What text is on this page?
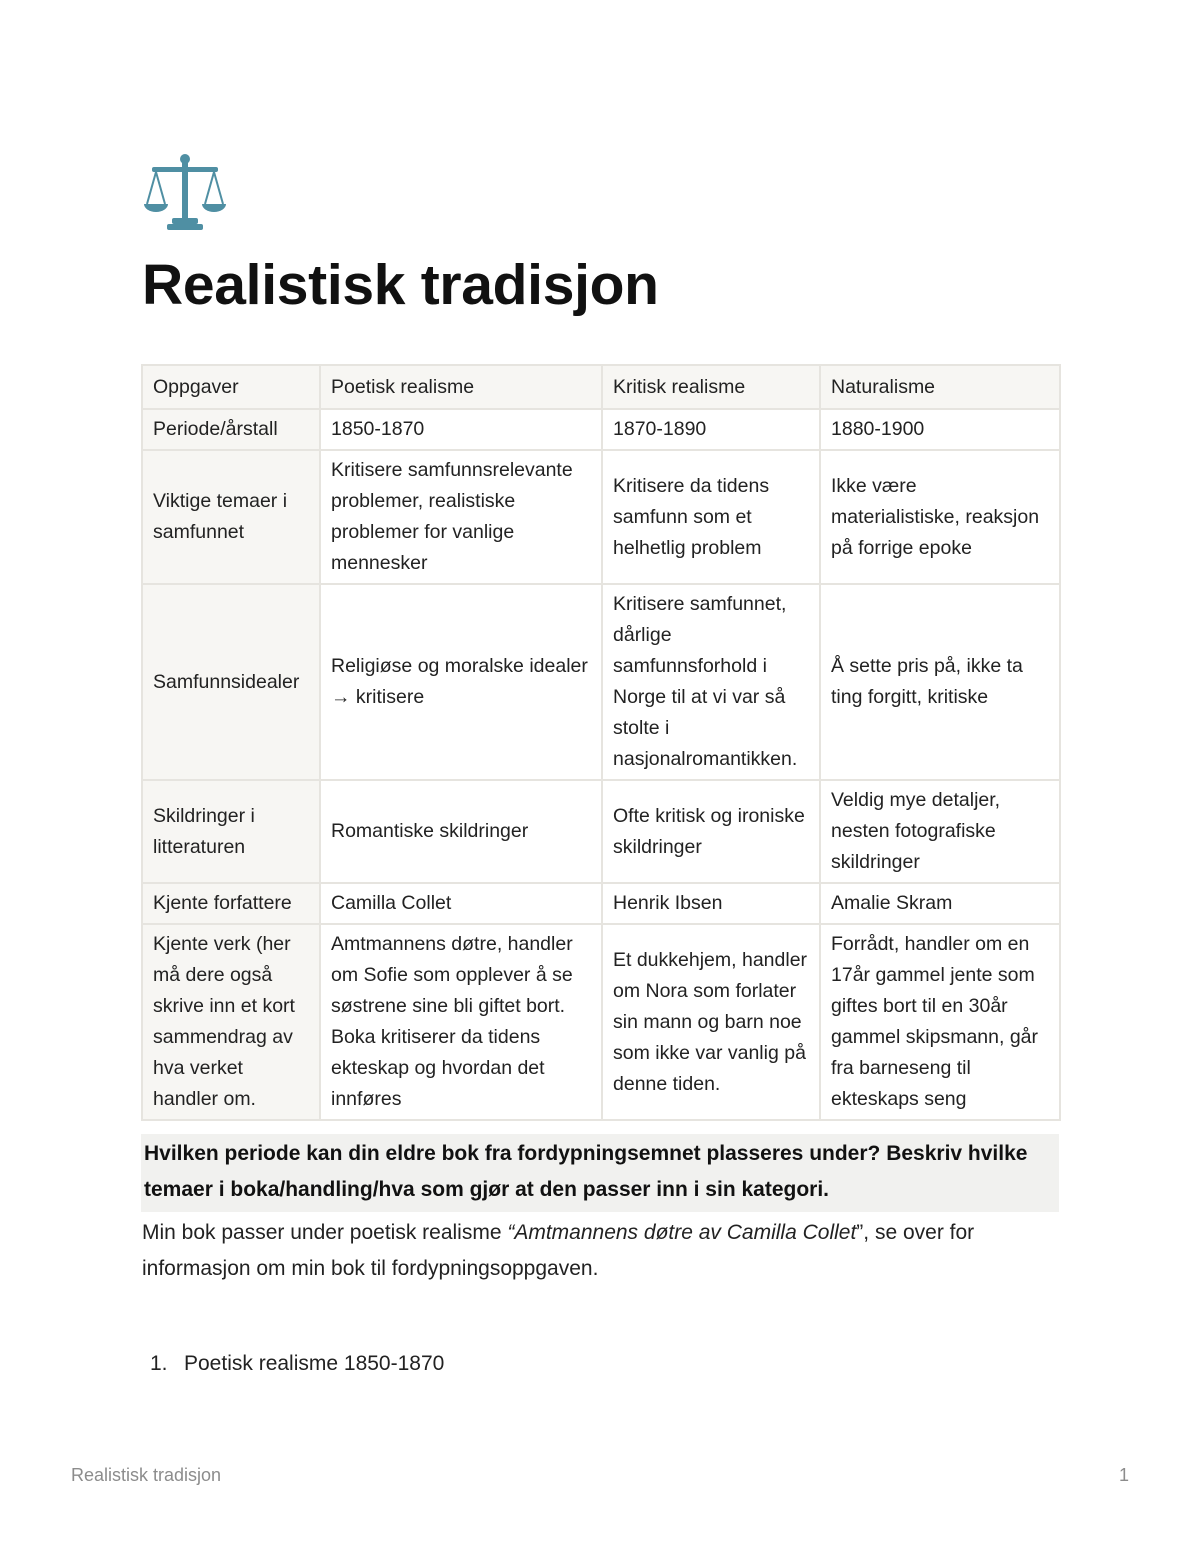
Realistisk tradisjon
Oppgaver	Poetisk realisme	Kritisk realisme	Naturalisme
Periode/årstall	1850-1870	1870-1890	1880-1900
Viktige temaer i samfunnet	Kritisere samfunnsrelevante problemer, realistiske problemer for vanlige mennesker	Kritisere da tidens samfunn som et helhetlig problem	Ikke være materialistiske, reaksjon på forrige epoke
Samfunnsidealer	Religiøse og moralske idealer → kritisere	Kritisere samfunnet, dårlige samfunnsforhold i Norge til at vi var så stolte i nasjonalromantikken.	Å sette pris på, ikke ta ting forgitt, kritiske
Skildringer i litteraturen	Romantiske skildringer	Ofte kritisk og ironiske skildringer	Veldig mye detaljer, nesten fotografiske skildringer
Kjente forfattere	Camilla Collet	Henrik Ibsen	Amalie Skram
Kjente verk (her må dere også skrive inn et kort sammendrag av hva verket handler om.	Amtmannens døtre, handler om Sofie som opplever å se søstrene sine bli giftet bort. Boka kritiserer da tidens ekteskap og hvordan det innføres	Et dukkehjem, handler om Nora som forlater sin mann og barn noe som ikke var vanlig på denne tiden.	Forrådt, handler om en 17år gammel jente som giftes bort til en 30år gammel skipsmann, går fra barneseng til ekteskaps seng
Hvilken periode kan din eldre bok fra fordypningsemnet plasseres under? Beskriv hvilke temaer i boka/handling/hva som gjør at den passer inn i sin kategori.

Min bok passer under poetisk realisme “Amtmannens døtre av Camilla Collet”, se over for informasjon om min bok til fordypningsoppgaven.

1. Poetisk realisme 1850-1870

Realistisk tradisjon	1
